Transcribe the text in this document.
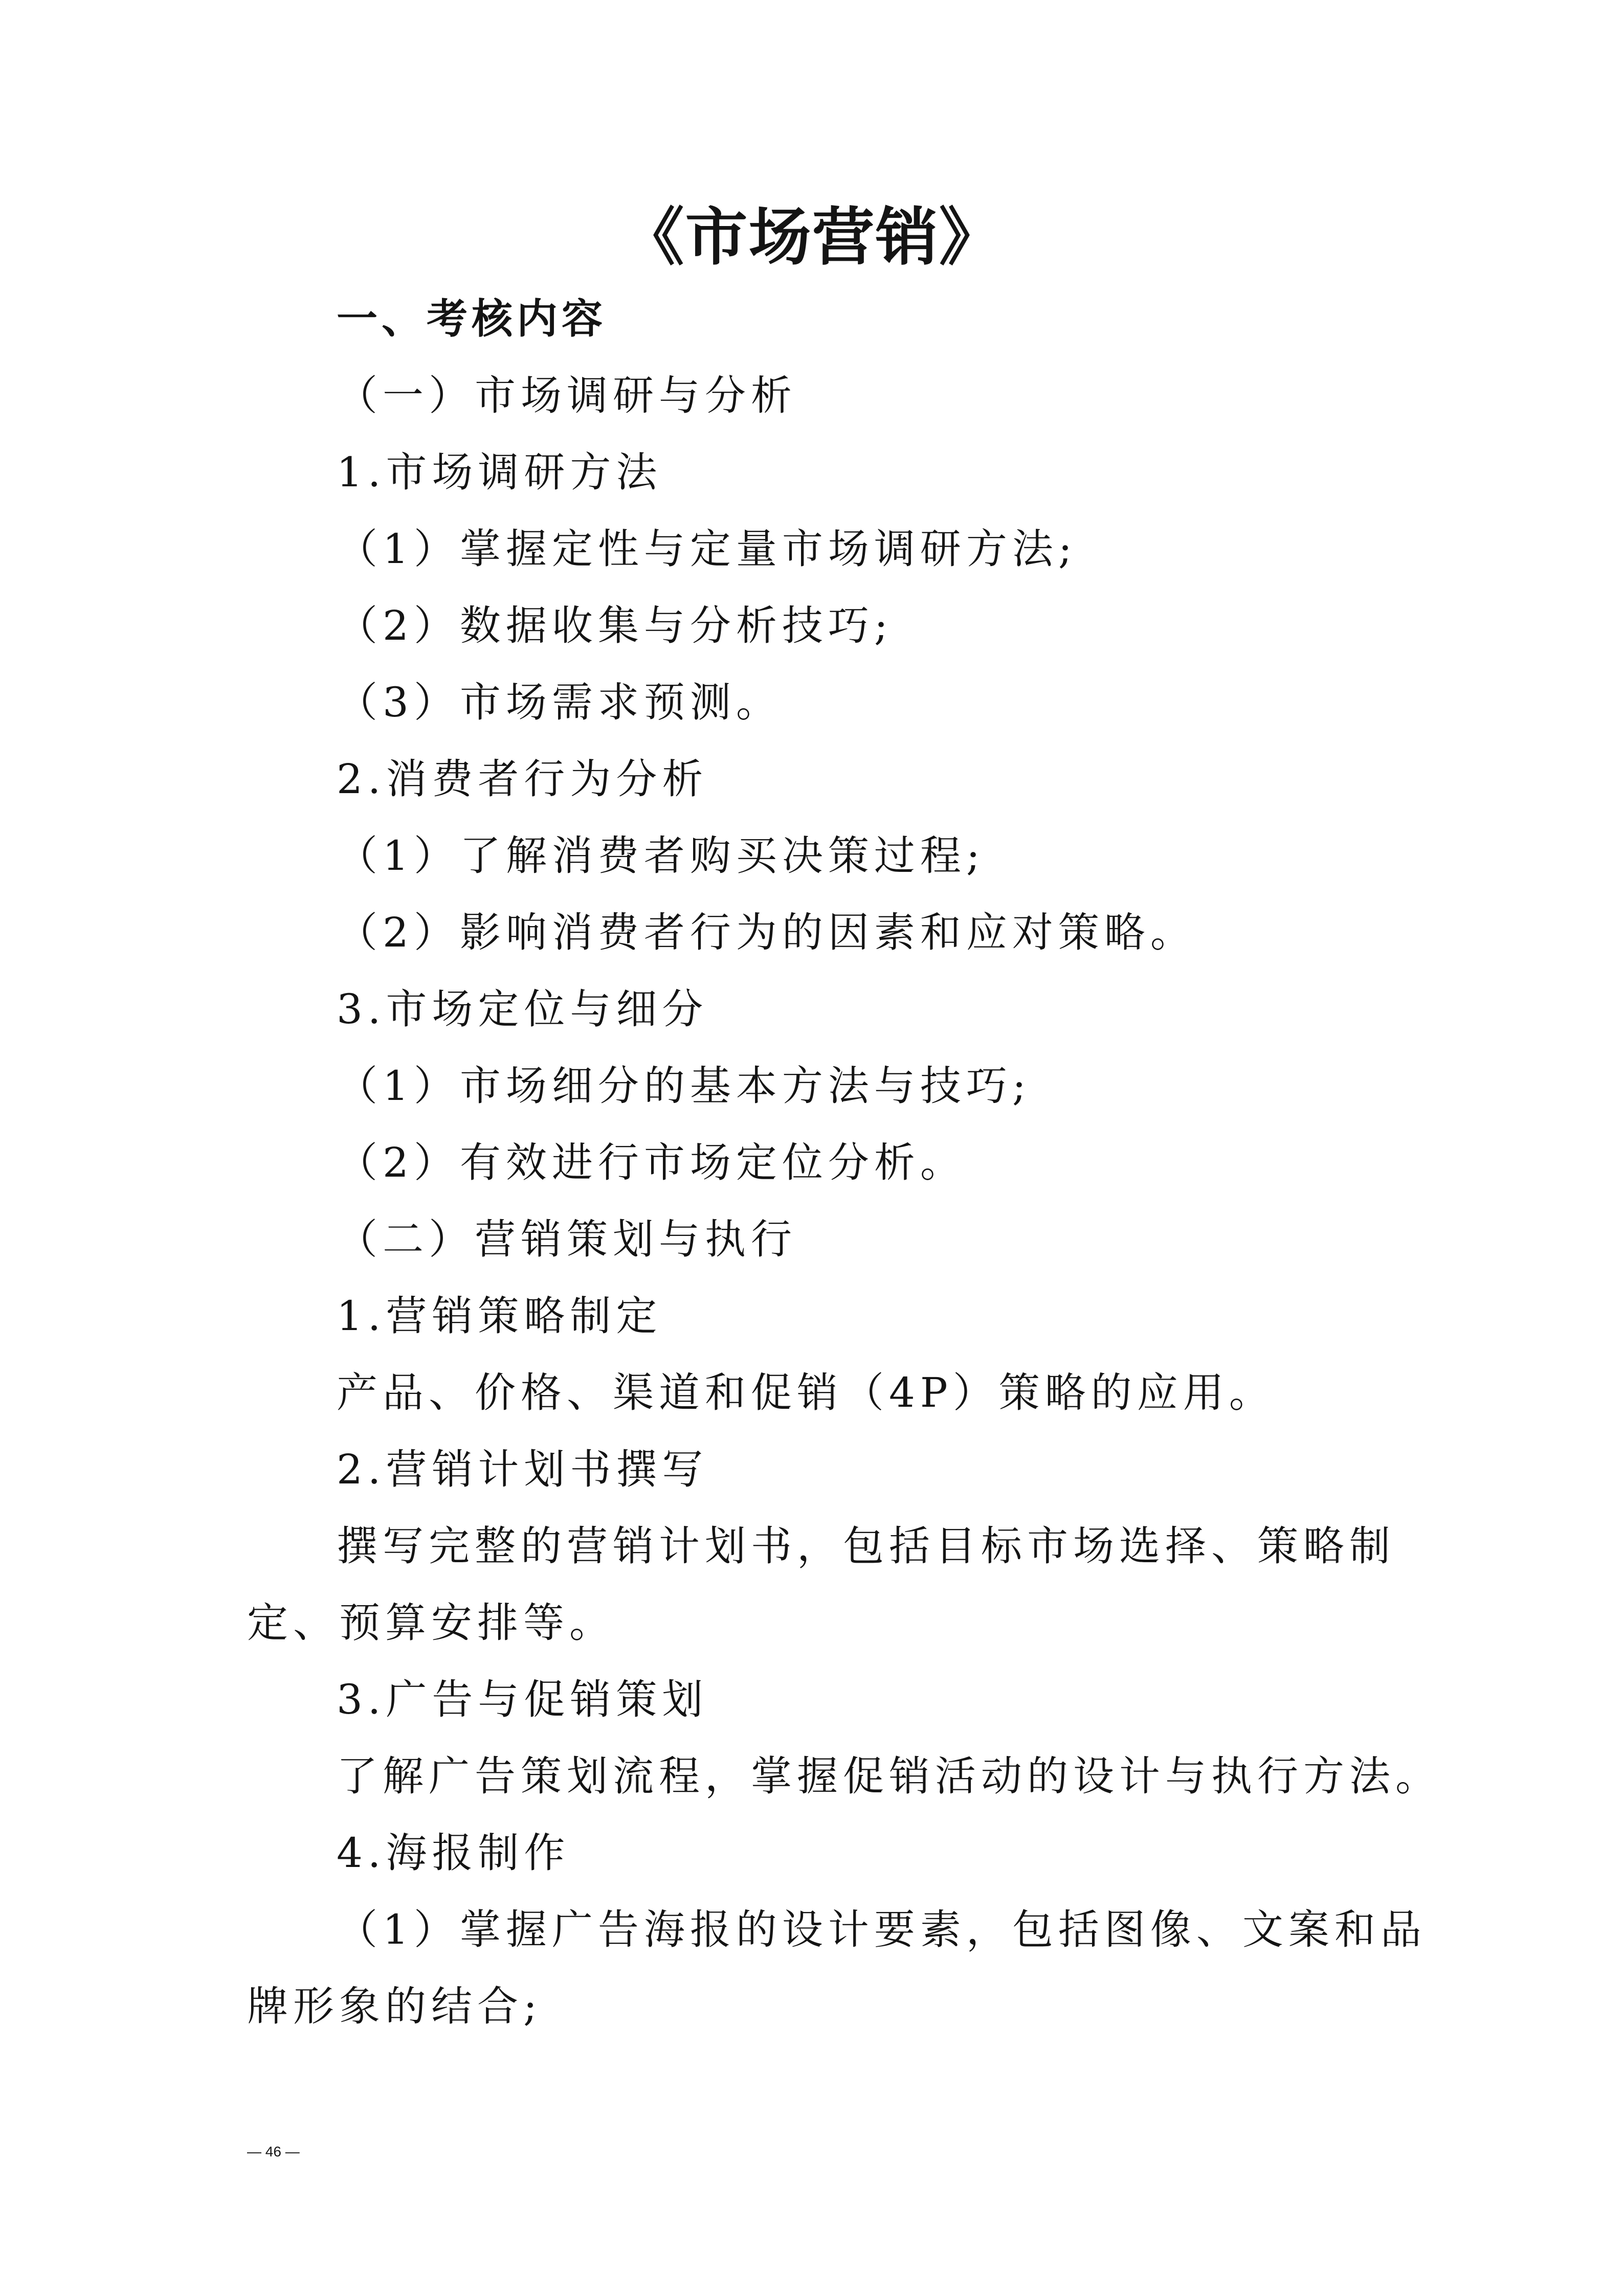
《市场营销》

一、考核内容

（一）市场调研与分析

1.市场调研方法

（1）掌握定性与定量市场调研方法;

（2）数据收集与分析技巧;

（3）市场需求预测。

2.消费者行为分析

（1）了解消费者购买决策过程;

（2）影响消费者行为的因素和应对策略。

3.市场定位与细分

（1）市场细分的基本方法与技巧;

（2）有效进行市场定位分析。

（二）营销策划与执行

1.营销策略制定

产品、价格、渠道和促销（4P）策略的应用。

2.营销计划书撰写

撰写完整的营销计划书，包括目标市场选择、策略制

定、预算安排等。

3.广告与促销策划

了解广告策划流程，掌握促销活动的设计与执行方法。

4.海报制作

（1）掌握广告海报的设计要素，包括图像、文案和品

牌形象的结合;

— 46 —
